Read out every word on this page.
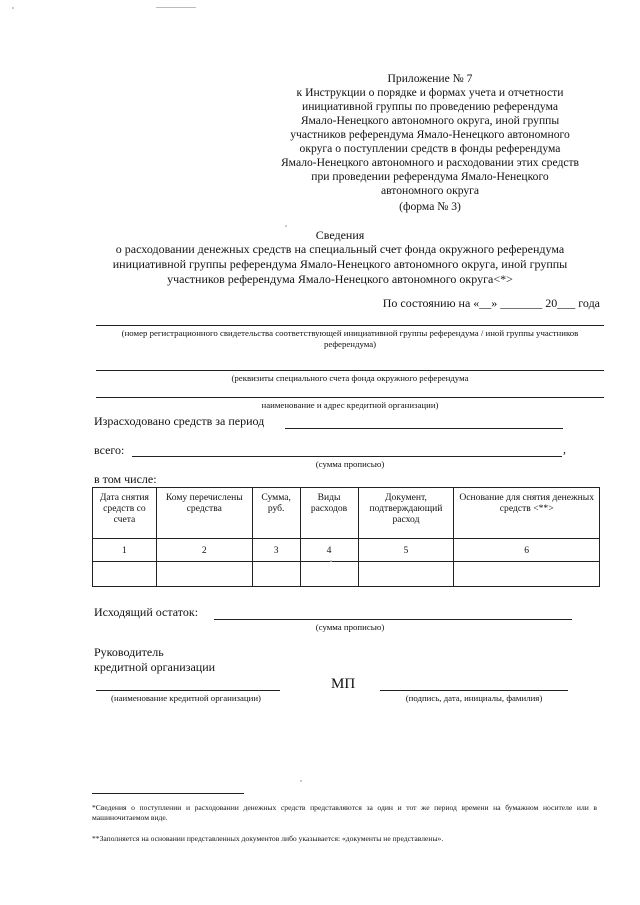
Приложение № 7
к Инструкции о порядке и формах учета и отчетности
инициативной группы по проведению референдума
Ямало-Ненецкого автономного округа, иной группы
участников референдума Ямало-Ненецкого автономного
округа о поступлении средств в фонды референдума
Ямало-Ненецкого автономного и расходовании этих средств
при проведении референдума Ямало-Ненецкого
автономного округа
(форма № 3)
Сведения
о расходовании денежных средств на специальный счет фонда окружного референдума
инициативной группы референдума Ямало-Ненецкого автономного округа, иной группы
участников референдума Ямало-Ненецкого автономного округа<*>
По состоянию на «__» _______ 20___ года
(номер регистрационного свидетельства соответствующей инициативной группы референдума / иной группы участников референдума)
(реквизиты специального счета фонда окружного референдума
наименование и адрес кредитной организации)
Израсходовано средств за период
всего:	,
(сумма прописью)
в том числе:
Дата снятия средств со счета	Кому перечислены средства	Сумма, руб.	Виды расходов	Документ, подтверждающий расход	Основание для снятия денежных средств <**>
1	2	3	4	5	6

Исходящий остаток:
(сумма прописью)
Руководитель
кредитной организации
МП
(наименование кредитной организации)	(подпись, дата, инициалы, фамилия)
*Сведения о поступлении и расходовании денежных средств представляются за один и тот же период времени на бумажном носителе или в машиночитаемом виде.
**Заполняется на основании представленных документов либо указывается: «документы не представлены».
